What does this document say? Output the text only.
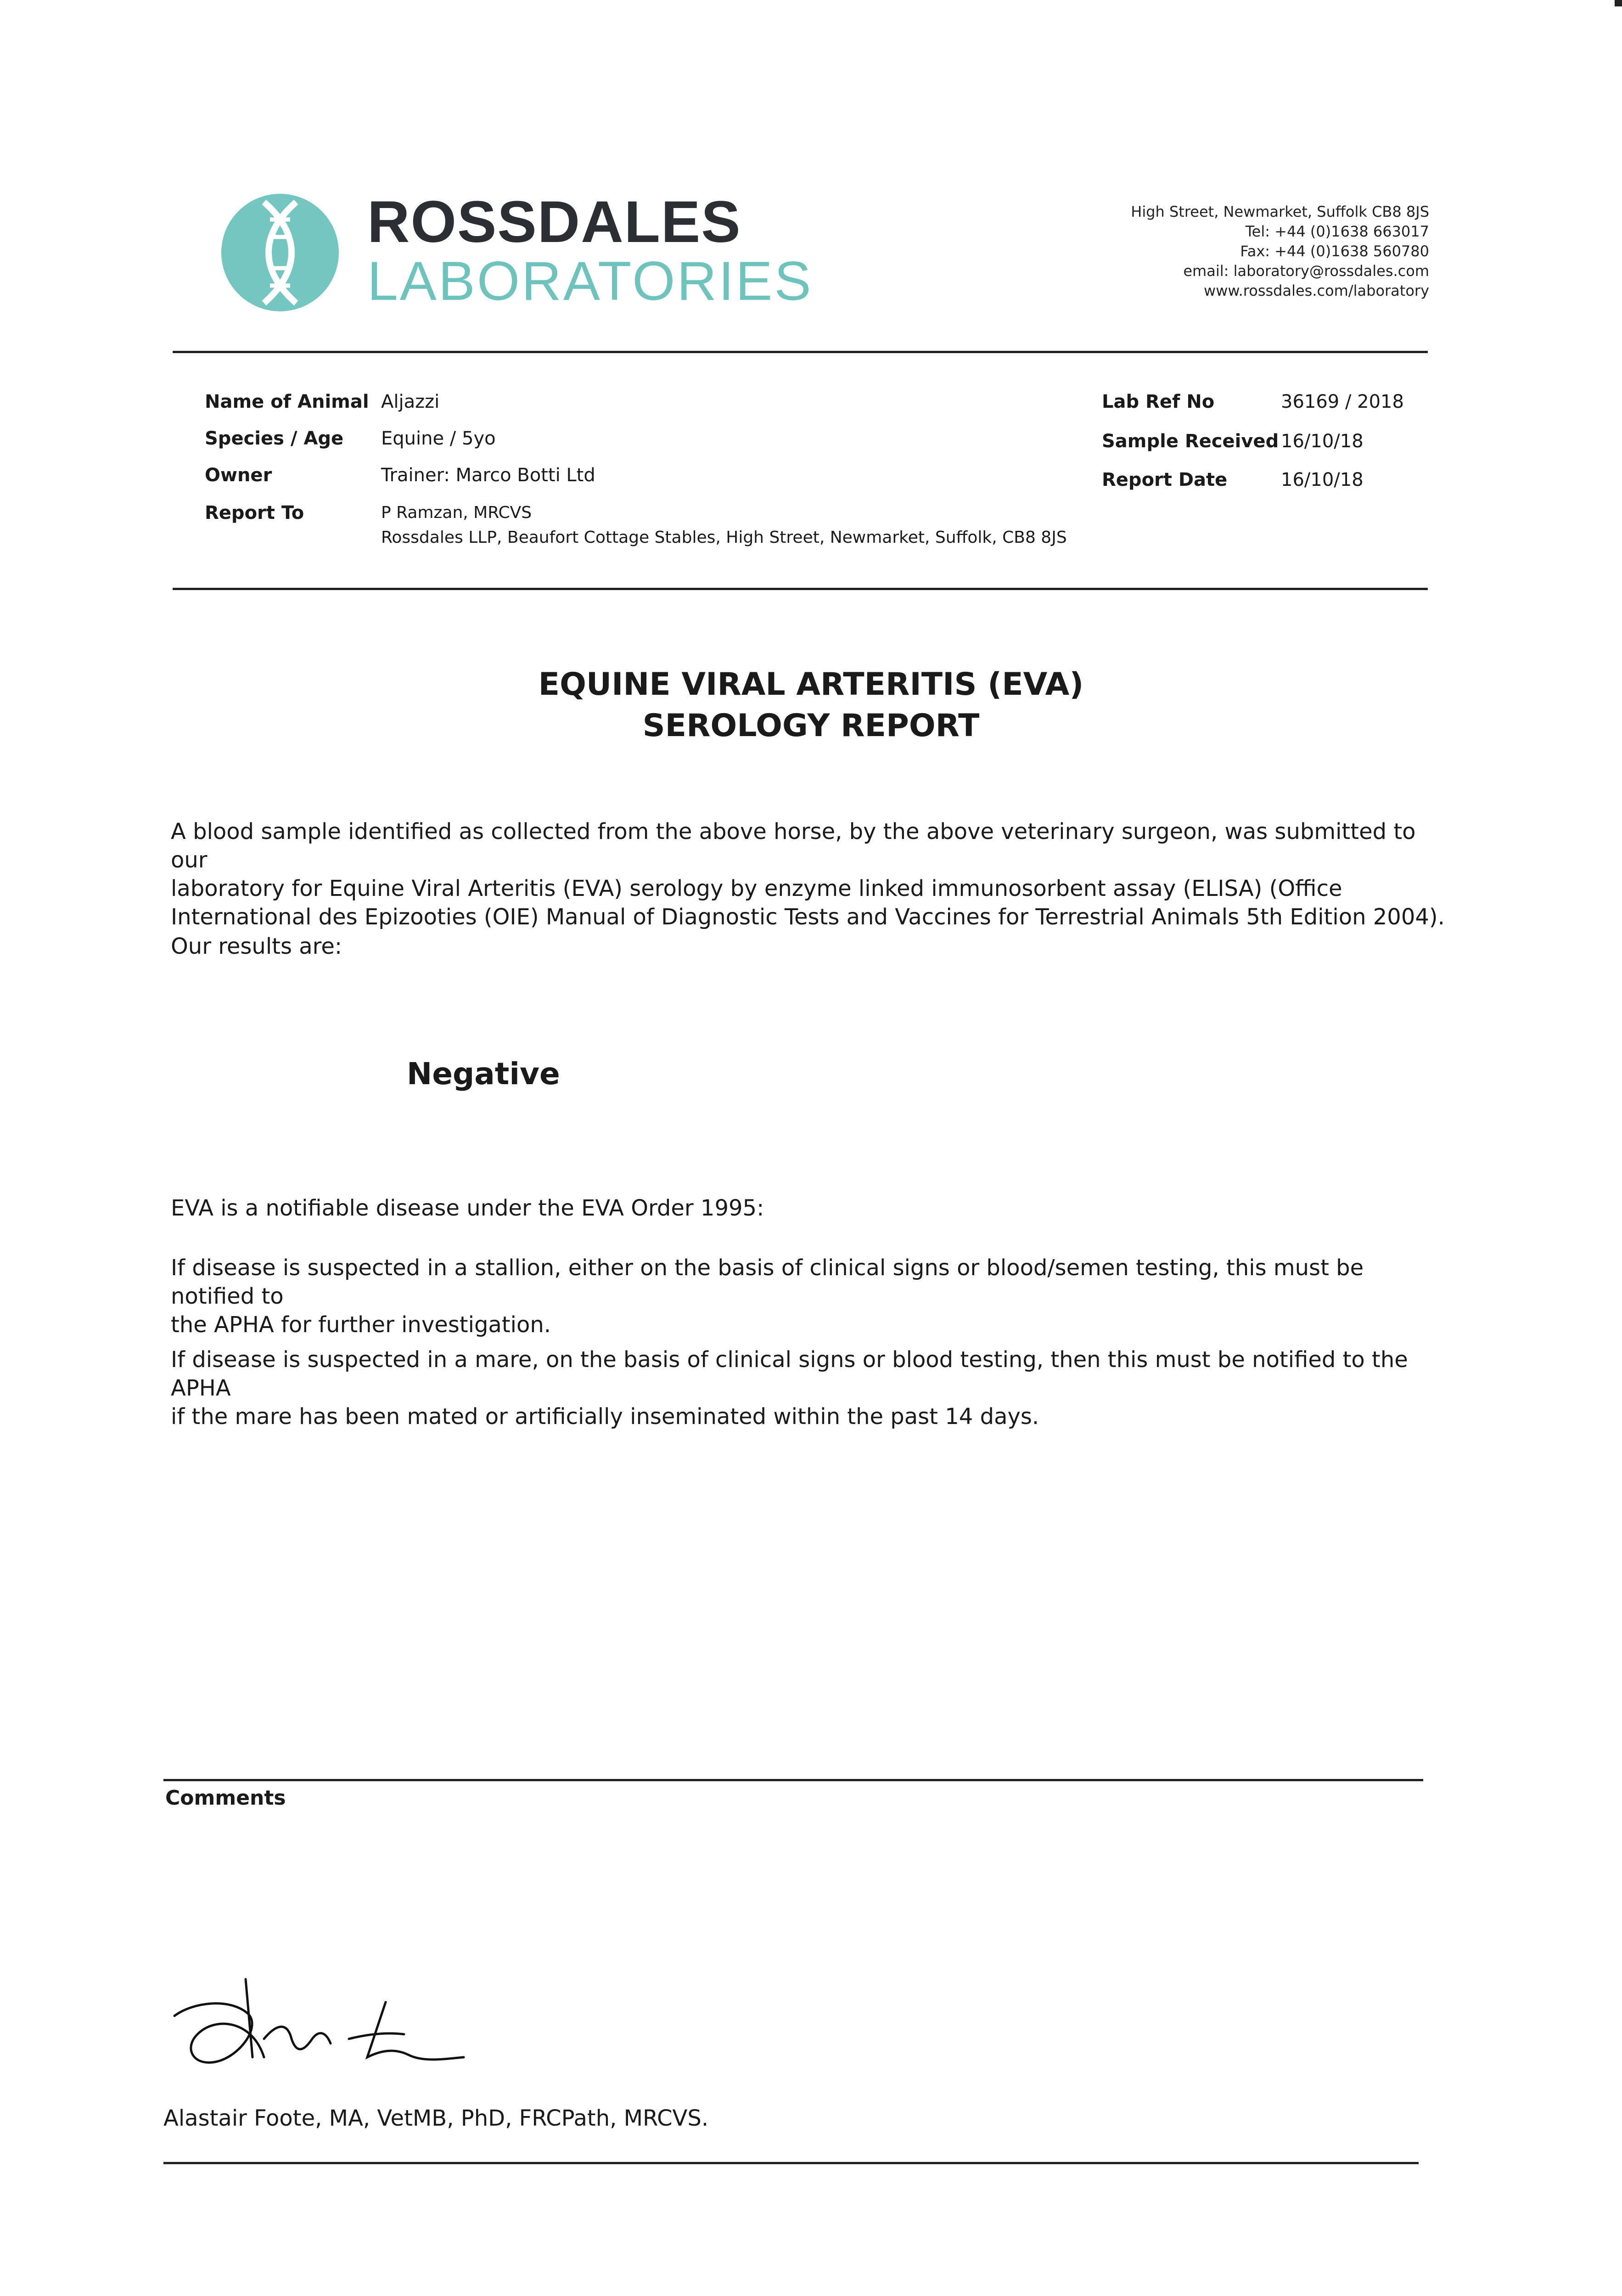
ROSSDALES
LABORATORIES
High Street, Newmarket, Suffolk CB8 8JS
Tel: +44 (0)1638 663017
Fax: +44 (0)1638 560780
email: laboratory@rossdales.com
www.rossdales.com/laboratory
Name of Animal Aljazzi
Species / Age Equine / 5yo
Owner	Trainer: Marco Botti Ltd
Report To	P Ramzan, MRCVS
Rossdales LLP, Beaufort Cottage Stables, High Street, Newmarket, Suffolk, CB8 8JS
Lab Ref No	36169 / 2018
Sample Received 16/10/18
Report Date	16/10/18
EQUINE VIRAL ARTERITIS (EVA)
SEROLOGY REPORT
A blood sample identified as collected from the above horse, by the above veterinary surgeon, was submitted to our
laboratory for Equine Viral Arteritis (EVA) serology by enzyme linked immunosorbent assay (ELISA) (Office
International des Epizooties (OIE) Manual of Diagnostic Tests and Vaccines for Terrestrial Animals 5th Edition 2004).
Our results are:
Negative
EVA is a notifiable disease under the EVA Order 1995:
If disease is suspected in a stallion, either on the basis of clinical signs or blood/semen testing, this must be notified to
the APHA for further investigation.
If disease is suspected in a mare, on the basis of clinical signs or blood testing, then this must be notified to the APHA
if the mare has been mated or artificially inseminated within the past 14 days.
Comments
Alastair Foote, MA, VetMB, PhD, FRCPath, MRCVS.
